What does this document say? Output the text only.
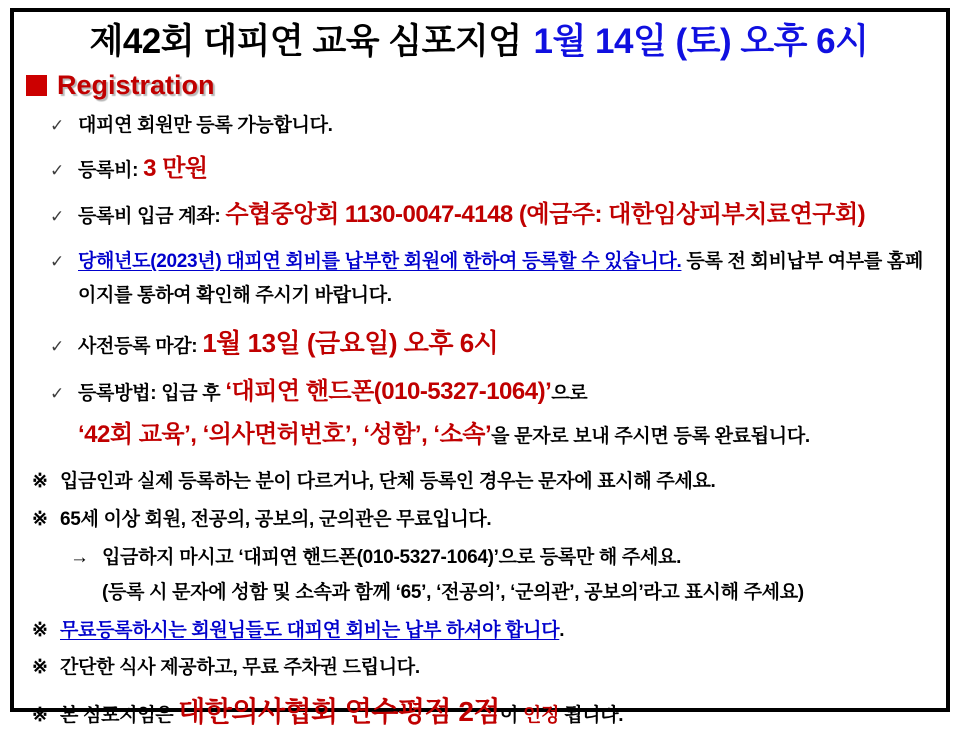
제42회 대피연 교육 심포지엄 1월 14일 (토) 오후 6시
Registration
✓ 대피연 회원만 등록 가능합니다.
✓ 등록비: 3 만원
✓ 등록비 입금 계좌: 수협중앙회 1130-0047-4148 (예금주: 대한임상피부치료연구회)
✓ 당해년도(2023년) 대피연 회비를 납부한 회원에 한하여 등록할 수 있습니다. 등록 전 회비납부 여부를 홈페이지를 통하여 확인해 주시기 바랍니다.
✓ 사전등록 마감: 1월 13일 (금요일) 오후 6시
✓ 등록방법: 입금 후 ‘대피연 핸드폰(010-5327-1064)’으로
‘42회 교육’, ‘의사면허번호’, ‘성함’, ‘소속’을 문자로 보내 주시면 등록 완료됩니다.
※ 입금인과 실제 등록하는 분이 다르거나, 단체 등록인 경우는 문자에 표시해 주세요.
※ 65세 이상 회원, 전공의, 공보의, 군의관은 무료입니다.
→ 입금하지 마시고 ‘대피연 핸드폰(010-5327-1064)’으로 등록만 해 주세요.
(등록 시 문자에 성함 및 소속과 함께 ‘65’, ‘전공의’, ‘군의관’, 공보의’라고 표시해 주세요)
※ 무료등록하시는 회원님들도 대피연 회비는 납부 하셔야 합니다.
※ 간단한 식사 제공하고, 무료 주차권 드립니다.
※ 본 심포지엄은 대한의사협회 연수평점 2점이 인정 됩니다.
